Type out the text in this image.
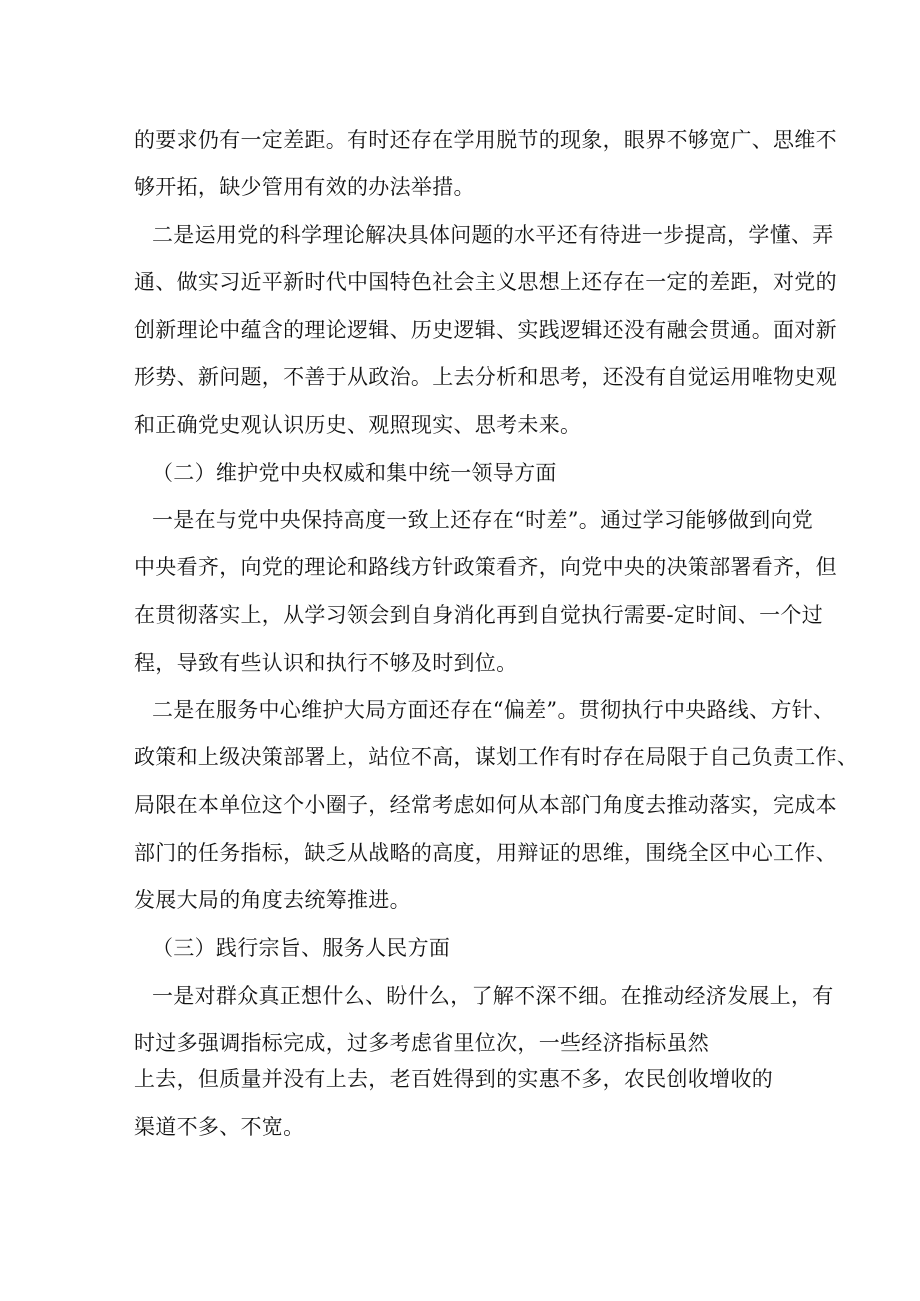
的要求仍有一定差距。有时还存在学用脱节的现象，眼界不够宽广、思维不
够开拓，缺少管用有效的办法举措。
二是运用党的科学理论解决具体问题的水平还有待进一步提高，学懂、弄
通、做实习近平新时代中国特色社会主义思想上还存在一定的差距，对党的
创新理论中蕴含的理论逻辑、历史逻辑、实践逻辑还没有融会贯通。面对新
形势、新问题，不善于从政治。上去分析和思考，还没有自觉运用唯物史观
和正确党史观认识历史、观照现实、思考未来。
（二）维护党中央权威和集中统一领导方面
一是在与党中央保持高度一致上还存在“时差”。通过学习能够做到向党
中央看齐，向党的理论和路线方针政策看齐，向党中央的决策部署看齐，但
在贯彻落实上，从学习领会到自身消化再到自觉执行需要-定时间、一个过
程，导致有些认识和执行不够及时到位。
二是在服务中心维护大局方面还存在“偏差”。贯彻执行中央路线、方针、
政策和上级决策部署上，站位不高，谋划工作有时存在局限于自己负责工作、
局限在本单位这个小圈子，经常考虑如何从本部门角度去推动落实，完成本
部门的任务指标，缺乏从战略的高度，用辩证的思维，围绕全区中心工作、
发展大局的角度去统筹推进。
（三）践行宗旨、服务人民方面
一是对群众真正想什么、盼什么，了解不深不细。在推动经济发展上，有
时过多强调指标完成，过多考虑省里位次，一些经济指标虽然
上去，但质量并没有上去，老百姓得到的实惠不多，农民创收增收的
渠道不多、不宽。
